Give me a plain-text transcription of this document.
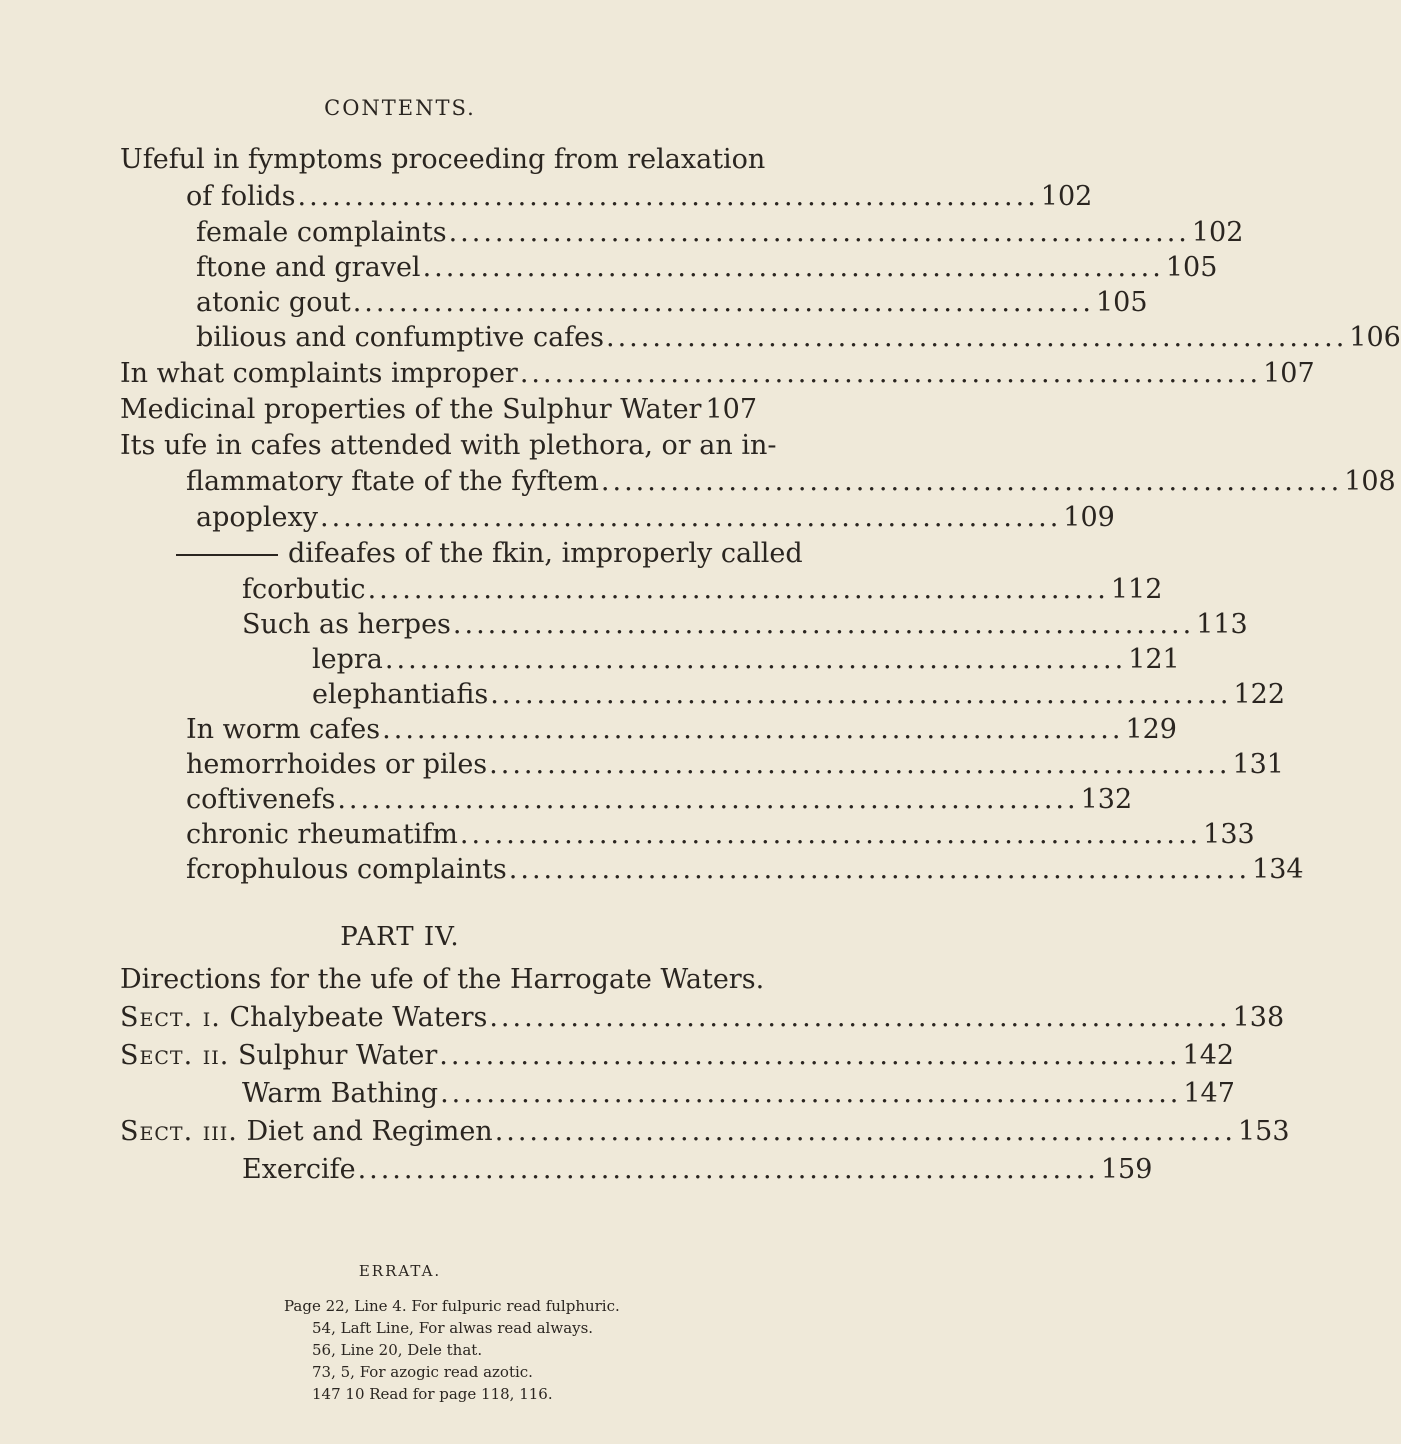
CONTENTS.
Ufeful in fymptoms proceeding from relaxation
of folids ................................................................ 102
female complaints ................................................................ 102
ftone and gravel ................................................................ 105
atonic gout ................................................................ 105
bilious and confumptive cafes ................................................................ 106
In what complaints improper ................................................................ 107
Medicinal properties of the Sulphur Water 107
Its ufe in cafes attended with plethora, or an in-
flammatory ftate of the fyftem ................................................................ 108
apoplexy ................................................................ 109
difeafes of the fkin, improperly called
fcorbutic ................................................................ 112
Such as herpes ................................................................ 113
lepra ................................................................ 121
elephantiafis ................................................................ 122
In worm cafes ................................................................ 129
hemorrhoides or piles ................................................................ 131
coftivenefs ................................................................ 132
chronic rheumatifm ................................................................ 133
fcrophulous complaints ................................................................ 134
PART IV.
Directions for the ufe of the Harrogate Waters.
Sect. i.
Chalybeate Waters ................................................................ 138
Sect. ii.
Sulphur Water ................................................................ 142
Warm Bathing ................................................................ 147
Sect. iii.
Diet and Regimen ................................................................ 153
Exercife ................................................................ 159
ERRATA.
Page 22, Line 4. For fulpuric read fulphuric.
54, Laft Line, For alwas read always.
56, Line 20, Dele that.
73, 5, For azogic read azotic.
147 10 Read for page 118, 116.
